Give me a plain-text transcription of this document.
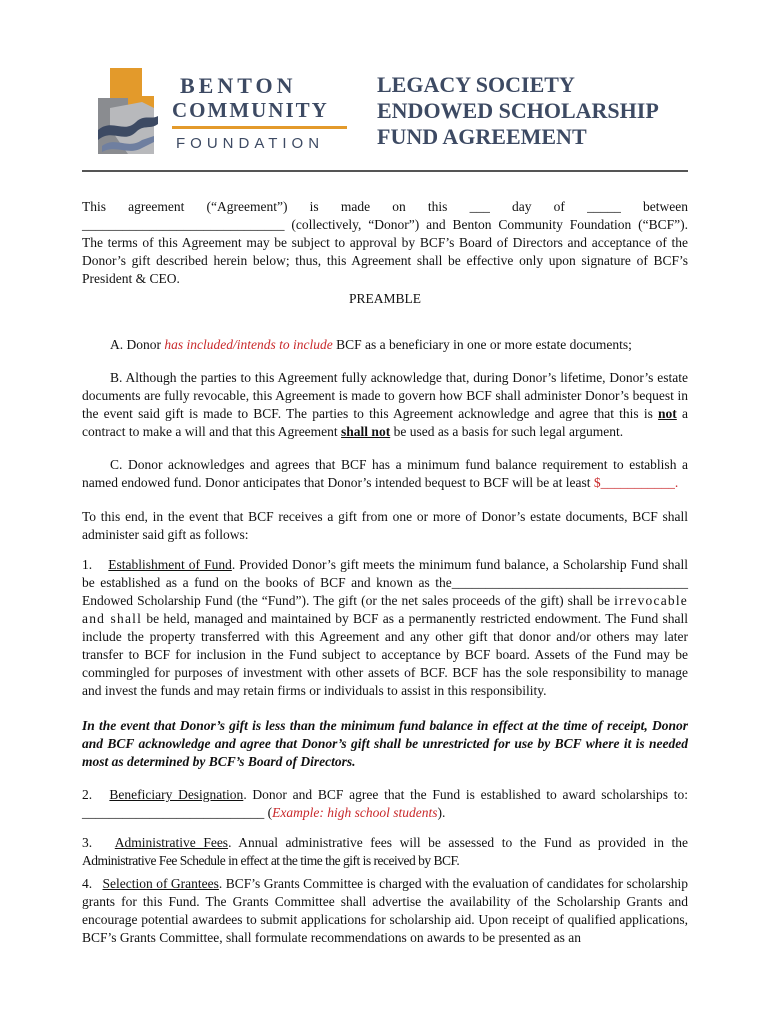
BENTON
COMMUNITY
FOUNDATION
LEGACY SOCIETY
ENDOWED SCHOLARSHIP
FUND AGREEMENT
This agreement (“Agreement”) is made on this ___ day of _____ between
______________________________ (collectively, “Donor”) and Benton Community Foundation (“BCF”).
The terms of this Agreement may be subject to approval by BCF’s Board of Directors and acceptance of the Donor’s gift described herein below; thus, this Agreement shall be effective only upon signature of BCF’s President & CEO.
PREAMBLE
A. Donor has included/intends to include BCF as a beneficiary in one or more estate documents;
B. Although the parties to this Agreement fully acknowledge that, during Donor’s lifetime, Donor’s estate documents are fully revocable, this Agreement is made to govern how BCF shall administer Donor’s bequest in the event said gift is made to BCF. The parties to this Agreement acknowledge and agree that this is not a contract to make a will and that this Agreement shall not be used as a basis for such legal argument.
C. Donor acknowledges and agrees that BCF has a minimum fund balance requirement to establish a named endowed fund. Donor anticipates that Donor’s intended bequest to BCF will be at least $___________.
To this end, in the event that BCF receives a gift from one or more of Donor’s estate documents, BCF shall administer said gift as follows:
1. Establishment of Fund. Provided Donor’s gift meets the minimum fund balance, a Scholarship Fund shall be established as a fund on the books of BCF and known as the___________________________________ Endowed Scholarship Fund (the “Fund”). The gift (or the net sales proceeds of the gift) shall be irrevocable and shall be held, managed and maintained by BCF as a permanently restricted endowment. The Fund shall include the property transferred with this Agreement and any other gift that donor and/or others may later transfer to BCF for inclusion in the Fund subject to acceptance by BCF board. Assets of the Fund may be commingled for purposes of investment with other assets of BCF. BCF has the sole responsibility to manage and invest the funds and may retain firms or individuals to assist in this responsibility.
In the event that Donor’s gift is less than the minimum fund balance in effect at the time of receipt, Donor and BCF acknowledge and agree that Donor’s gift shall be unrestricted for use by BCF where it is needed most as determined by BCF’s Board of Directors.
2. Beneficiary Designation. Donor and BCF agree that the Fund is established to award scholarships to: ___________________________ (Example: high school students).
3. Administrative Fees. Annual administrative fees will be assessed to the Fund as provided in the
Administrative Fee Schedule in effect at the time the gift is received by BCF.
4. Selection of Grantees. BCF’s Grants Committee is charged with the evaluation of candidates for scholarship grants for this Fund. The Grants Committee shall advertise the availability of the Scholarship Grants and encourage potential awardees to submit applications for scholarship aid. Upon receipt of qualified applications, BCF’s Grants Committee, shall formulate recommendations on awards to be presented as an
